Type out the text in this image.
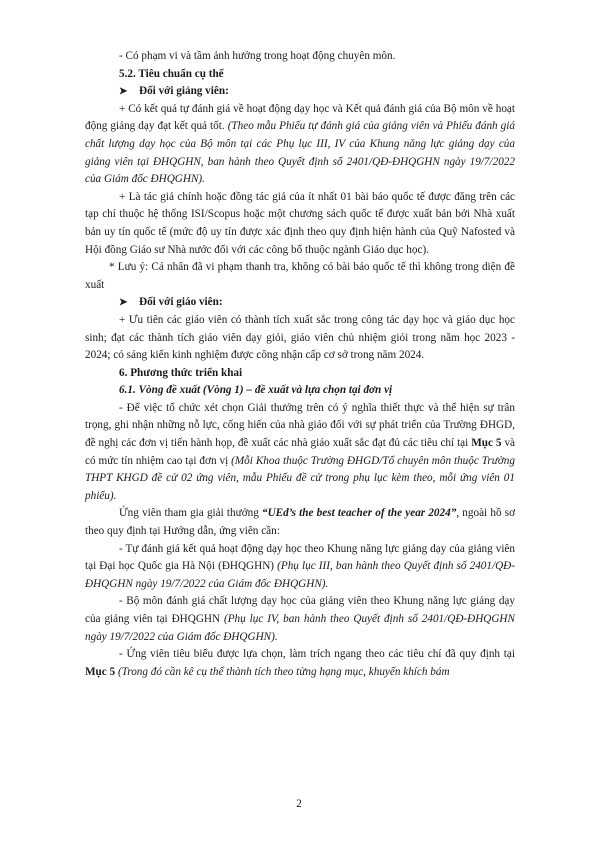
- Có phạm vi và tầm ảnh hưởng trong hoạt động chuyên môn.

5.2. Tiêu chuẩn cụ thể

➤	Đối với giảng viên:

+ Có kết quả tự đánh giá về hoạt động dạy học và Kết quả đánh giá của Bộ môn về hoạt động giảng dạy đạt kết quả tốt. (Theo mẫu Phiếu tự đánh giá của giảng viên và Phiếu đánh giá chất lượng dạy học của Bộ môn tại các Phụ lục III, IV của Khung năng lực giảng dạy của giảng viên tại ĐHQGHN, ban hành theo Quyết định số 2401/QĐ-ĐHQGHN ngày 19/7/2022 của Giám đốc ĐHQGHN).

+ Là tác giả chính hoặc đồng tác giả của ít nhất 01 bài báo quốc tế được đăng trên các tạp chí thuộc hệ thống ISI/Scopus hoặc một chương sách quốc tế được xuất bản bởi Nhà xuất bản uy tín quốc tế (mức độ uy tín được xác định theo quy định hiện hành của Quỹ Nafosted và Hội đồng Giáo sư Nhà nước đối với các công bố thuộc ngành Giáo dục học).

* Lưu ý: Cá nhân đã vi phạm thanh tra, không có bài báo quốc tế thì không trong diện đề xuất

➤	Đối với giáo viên:

+ Ưu tiên các giáo viên có thành tích xuất sắc trong công tác dạy học và giáo dục học sinh; đạt các thành tích giáo viên dạy giỏi, giáo viên chủ nhiệm giỏi trong năm học 2023 - 2024; có sáng kiến kinh nghiệm được công nhận cấp cơ sở trong năm 2024.

6. Phương thức triển khai

6.1. Vòng đề xuất (Vòng 1) – đề xuất và lựa chọn tại đơn vị

- Để việc tổ chức xét chọn Giải thưởng trên có ý nghĩa thiết thực và thể hiện sự trân trọng, ghi nhận những nỗ lực, cống hiến của nhà giáo đối với sự phát triển của Trường ĐHGD, đề nghị các đơn vị tiến hành họp, đề xuất các nhà giáo xuất sắc đạt đủ các tiêu chí tại Mục 5 và có mức tín nhiệm cao tại đơn vị (Mỗi Khoa thuộc Trường ĐHGD/Tổ chuyên môn thuộc Trường THPT KHGD đề cử 02 ứng viên, mẫu Phiếu đề cử trong phụ lục kèm theo, mỗi ứng viên 01 phiếu).

Ứng viên tham gia giải thưởng “UEd’s the best teacher of the year 2024”, ngoài hồ sơ theo quy định tại Hướng dẫn, ứng viên cần:

- Tự đánh giá kết quả hoạt động dạy học theo Khung năng lực giảng dạy của giảng viên tại Đại học Quốc gia Hà Nội (ĐHQGHN) (Phụ lục III, ban hành theo Quyết định số 2401/QĐ-ĐHQGHN ngày 19/7/2022 của Giám đốc ĐHQGHN).

- Bộ môn đánh giá chất lượng dạy học của giảng viên theo Khung năng lực giảng dạy của giảng viên tại ĐHQGHN (Phụ lục IV, ban hành theo Quyết định số 2401/QĐ-ĐHQGHN ngày 19/7/2022 của Giám đốc ĐHQGHN).

- Ứng viên tiêu biểu được lựa chọn, làm trích ngang theo các tiêu chí đã quy định tại Mục 5 (Trong đó cần kê cụ thể thành tích theo từng hạng mục, khuyến khích bám

2
